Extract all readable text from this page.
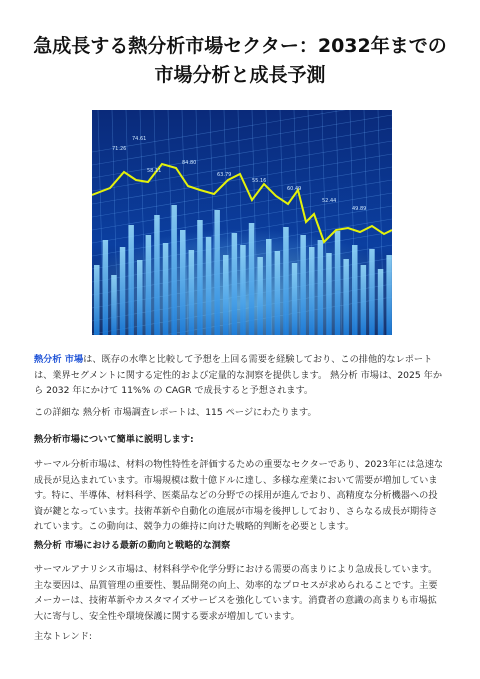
急成長する熱分析市場セクター：2032年までの
市場分析と成長予測
71.26
58.11
84.80
63.79
55.16
60.49
52.44
49.89
74.61
熱分析 市場は、既存の水準と比較して予想を上回る需要を経験しており、この排他的なレポートは、業界セグメントに関する定性的および定量的な洞察を提供します。 熱分析 市場は、2025 年から 2032 年にかけて 11%% の CAGR で成長すると予想されます。
この詳細な 熱分析 市場調査レポートは、115 ページにわたります。
熱分析市場について簡単に説明します:
サーマル分析市場は、材料の物性特性を評価するための重要なセクターであり、2023年には急速な成長が見込まれています。市場規模は数十億ドルに達し、多様な産業において需要が増加しています。特に、半導体、材料科学、医薬品などの分野での採用が進んでおり、高精度な分析機器への投資が鍵となっています。技術革新や自動化の進展が市場を後押ししており、さらなる成長が期待されています。この動向は、競争力の維持に向けた戦略的判断を必要とします。
熱分析 市場における最新の動向と戦略的な洞察
サーマルアナリシス市場は、材料科学や化学分野における需要の高まりにより急成長しています。主な要因は、品質管理の重要性、製品開発の向上、効率的なプロセスが求められることです。主要メーカーは、技術革新やカスタマイズサービスを強化しています。消費者の意識の高まりも市場拡大に寄与し、安全性や環境保護に関する要求が増加しています。
主なトレンド:
